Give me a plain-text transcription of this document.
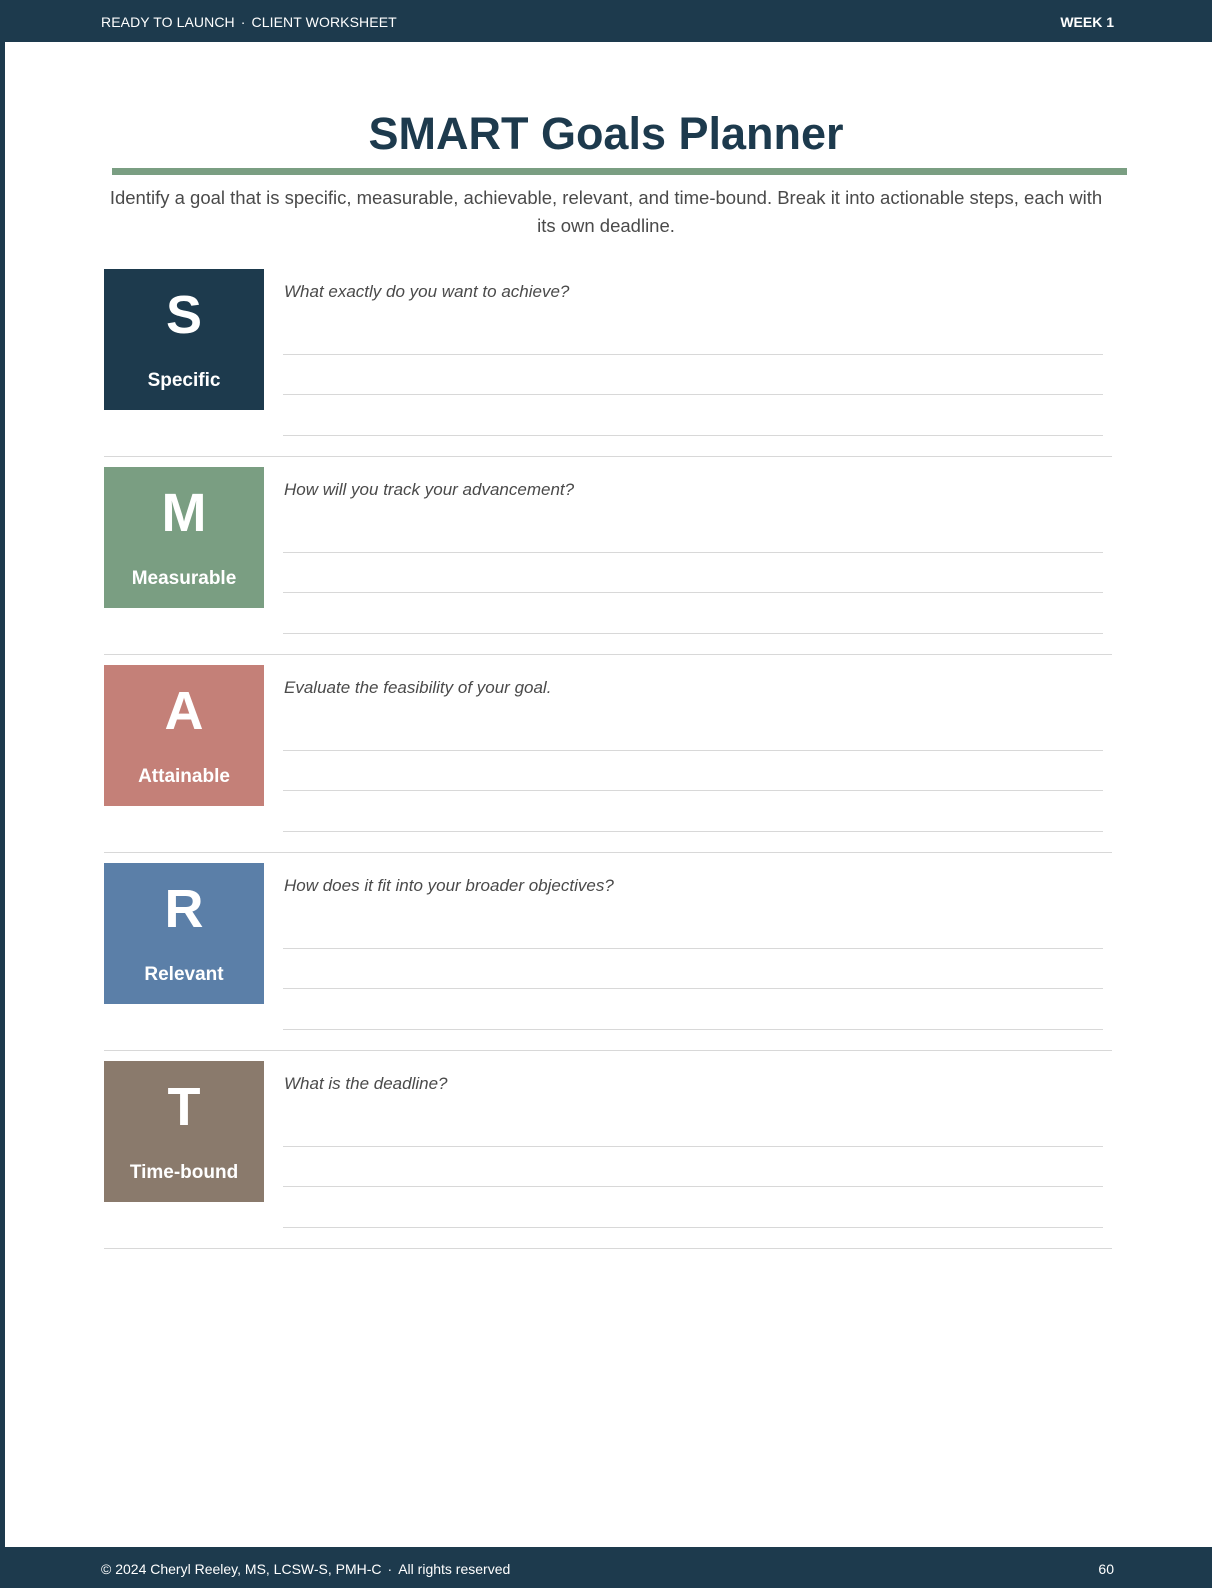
READY TO LAUNCH · CLIENT WORKSHEET	WEEK 1
SMART Goals Planner

Identify a goal that is specific, measurable, achievable, relevant, and time-bound. Break it into actionable steps, each with its own deadline.

S
Specific
What exactly do you want to achieve?
M
Measurable
How will you track your advancement?
A
Attainable
Evaluate the feasibility of your goal.
R
Relevant
How does it fit into your broader objectives?
T
Time-bound
What is the deadline?
© 2024 Cheryl Reeley, MS, LCSW-S, PMH-C · All rights reserved	60
